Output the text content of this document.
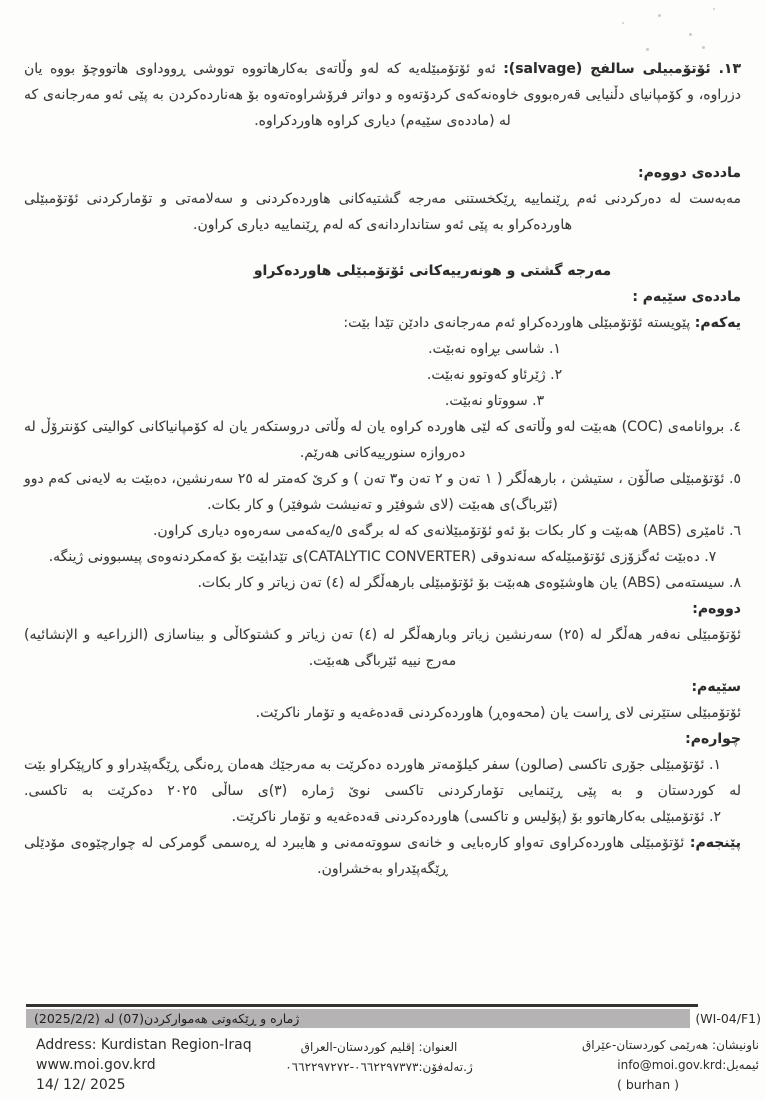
١٣. ئۆتۆمبیلی سالفج (salvage): ئەو ئۆتۆمبێلەیە کە لەو وڵاتەی بەکارهاتووە تووشی ڕووداوی هاتووچۆ بووە یان دزراوە، و کۆمپانیای دڵنیایی قەرەبووی خاوەنەکەی کردۆتەوە و دواتر فرۆشراوەتەوە بۆ هەناردەکردن بە پێی ئەو مەرجانەی کە لە (ماددەی سێیەم) دیاری کراوە هاوردکراوە.

ماددەی دووەم:
مەبەست لە دەرکردنی ئەم ڕێنماییە ڕێکخستنی مەرجە گشتیەکانی هاوردەکردنی و سەلامەتی و تۆمارکردنی ئۆتۆمبێلی هاوردەکراو بە پێی ئەو ستانداردانەی کە لەم ڕێنماییە دیاری کراون.
مەرجە گشتی و هونەرییەکانی ئۆتۆمبێلی هاوردەکراو
ماددەی سێیەم :

یەکەم: پێویستە ئۆتۆمبێلی هاوردەکراو ئەم مەرجانەی دادێن تێدا بێت:

١. شاسی بڕاوە نەبێت.
٢. ژێرئاو کەوتوو نەبێت.
٣. سووتاو نەبێت.
٤. بروانامەی (COC) هەبێت لەو وڵاتەی کە لێی هاوردە کراوە یان لە وڵاتی دروستکەر یان لە کۆمپانیاکانی کوالیتی کۆنترۆڵ لە دەروازە سنورییەکانی هەرێم.
٥. ئۆتۆمبێلی صاڵۆن ، ستیشن ، بارهەڵگر ( ١ تەن و ٢ تەن و٣ تەن ) و کرێ کەمتر لە ٢٥ سەرنشین، دەبێت بە لایەنی کەم دوو (ئێرباگ)ی هەبێت (لای شوفێر و تەنیشت شوفێر) و کار بکات.
٦. ئامێری (ABS) هەبێت و کار بکات بۆ ئەو ئۆتۆمبێلانەی کە لە برگەی ٥/یەکەمی سەرەوە دیاری کراون.
٧. دەبێت ئەگزۆزی ئۆتۆمبێلەکە سەندوقی (CATALYTIC CONVERTER)ی تێدابێت بۆ کەمکردنەوەی پیسبوونی ژینگە.
٨. سیستەمی (ABS) یان هاوشێوەی هەبێت بۆ ئۆتۆمبێلی بارهەڵگر لە (٤) تەن زیاتر و کار بکات.
دووەم:
ئۆتۆمبێلی نەفەر هەڵگر لە (٢٥) سەرنشین زیاتر وبارهەڵگر لە (٤) تەن زیاتر و کشتوکاڵی و بیناسازی (الزراعیه و الإنشائیه) مەرج نییە ئێرباگی هەبێت.
سێیەم:
ئۆتۆمبێلی ستێرنی لای ڕاست یان (محەوەڕ) هاوردەکردنی قەدەغەیە و تۆمار ناکرێت.
چوارەم:
١. ئۆتۆمبێلی جۆری تاکسی (صالون) سفر کیلۆمەتر هاوردە دەکرێت بە مەرجێك هەمان ڕەنگی ڕێگەپێدراو و کارپێکراو بێت لە کوردستان و بە پێی ڕێنمایی تۆمارکردنی تاکسی نوێ ژمارە (٣)ی ساڵی ٢٠٢٥ دەکرێت بە تاکسی.
٢. ئۆتۆمبێلی بەکارهاتوو بۆ (پۆلیس و تاکسی) هاوردەکردنی قەدەغەیە و تۆمار ناکرێت.

پێنجەم: ئۆتۆمبێلی هاوردەکراوی تەواو کارەبایی و خانەی سووتەمەنی و هایبرد لە ڕەسمی گومرکی لە چوارچێوەی مۆدێلی ڕێگەپێدراو بەخشراون.

ژمارە و ڕێکەوتی هەموارکردن(07) لە (2025/2/2)	(WI-04/F1)
Address: Kurdistan Region-Iraq
www.moi.gov.krd
14/ 12/ 2025
العنوان: إقليم كوردستان-العراق
ژ.تەلەفۆن:٠٦٦٢٢٩٧٣٧٣-٠٦٦٢٢٩٧٢٧٢
ناونیشان: هەرێمی کوردستان-عێراق
ئیمەیل:info@moi.gov.krd
( burhan )
